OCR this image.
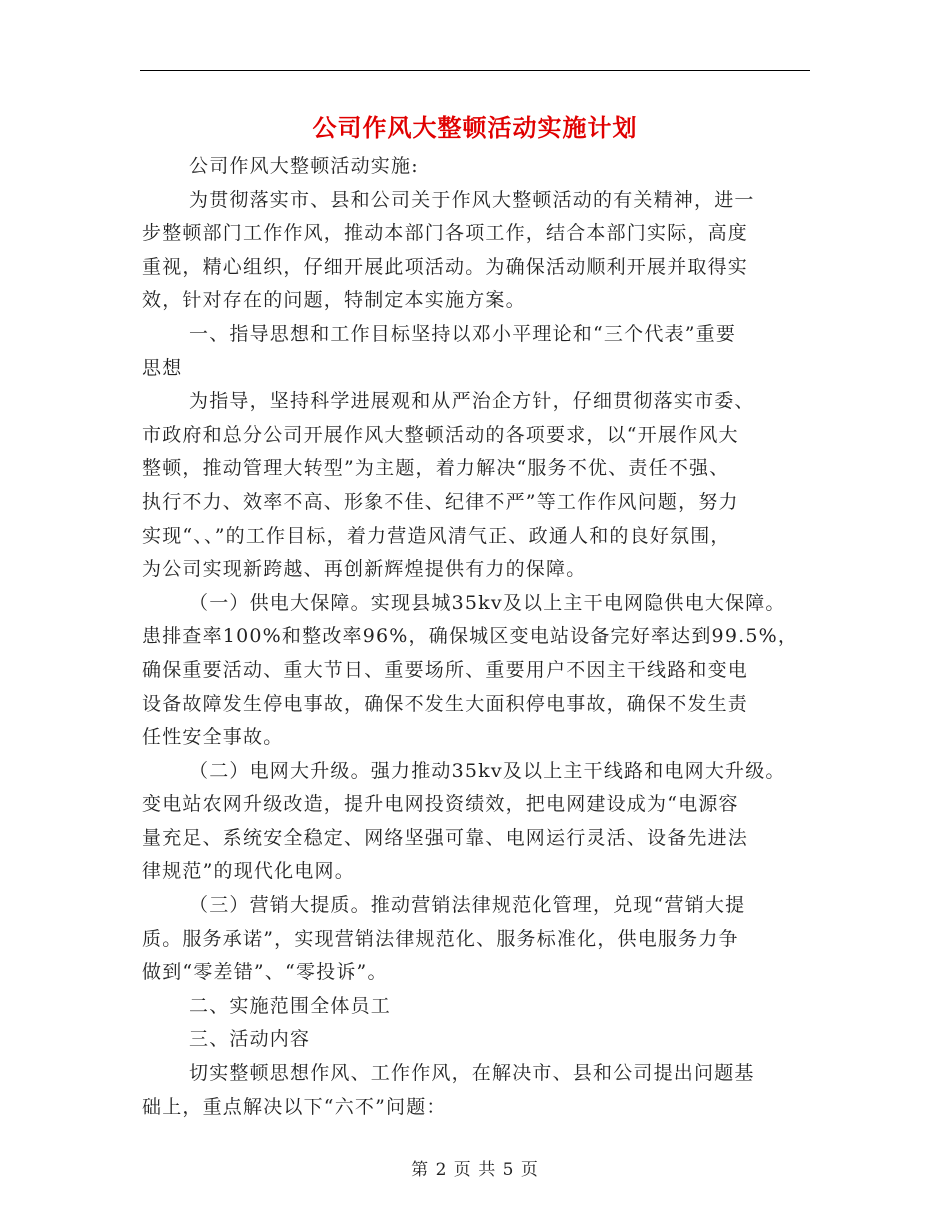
公司作风大整顿活动实施计划
公司作风大整顿活动实施:
为贯彻落实市、县和公司关于作风大整顿活动的有关精神，进一
步整顿部门工作作风，推动本部门各项工作，结合本部门实际，高度
重视，精心组织，仔细开展此项活动。为确保活动顺利开展并取得实
效，针对存在的问题，特制定本实施方案。
一、指导思想和工作目标坚持以邓小平理论和“三个代表”重要
思想
为指导，坚持科学进展观和从严治企方针，仔细贯彻落实市委、
市政府和总分公司开展作风大整顿活动的各项要求，以“开展作风大
整顿，推动管理大转型”为主题，着力解决“服务不优、责任不强、
执行不力、效率不高、形象不佳、纪律不严”等工作作风问题，努力
实现“、、”的工作目标，着力营造风清气正、政通人和的良好氛围，
为公司实现新跨越、再创新辉煌提供有力的保障。
（一）供电大保障。实现县城35kv及以上主干电网隐供电大保障。
患排查率100%和整改率96%，确保城区变电站设备完好率达到99.5%，
确保重要活动、重大节日、重要场所、重要用户不因主干线路和变电
设备故障发生停电事故，确保不发生大面积停电事故，确保不发生责
任性安全事故。
（二）电网大升级。强力推动35kv及以上主干线路和电网大升级。
变电站农网升级改造，提升电网投资绩效，把电网建设成为“电源容
量充足、系统安全稳定、网络坚强可靠、电网运行灵活、设备先进法
律规范”的现代化电网。
（三）营销大提质。推动营销法律规范化管理，兑现“营销大提
质。服务承诺”，实现营销法律规范化、服务标准化，供电服务力争
做到“零差错”、“零投诉”。
二、实施范围全体员工
三、活动内容
切实整顿思想作风、工作作风，在解决市、县和公司提出问题基
础上，重点解决以下“六不”问题：
第 2 页 共 5 页
